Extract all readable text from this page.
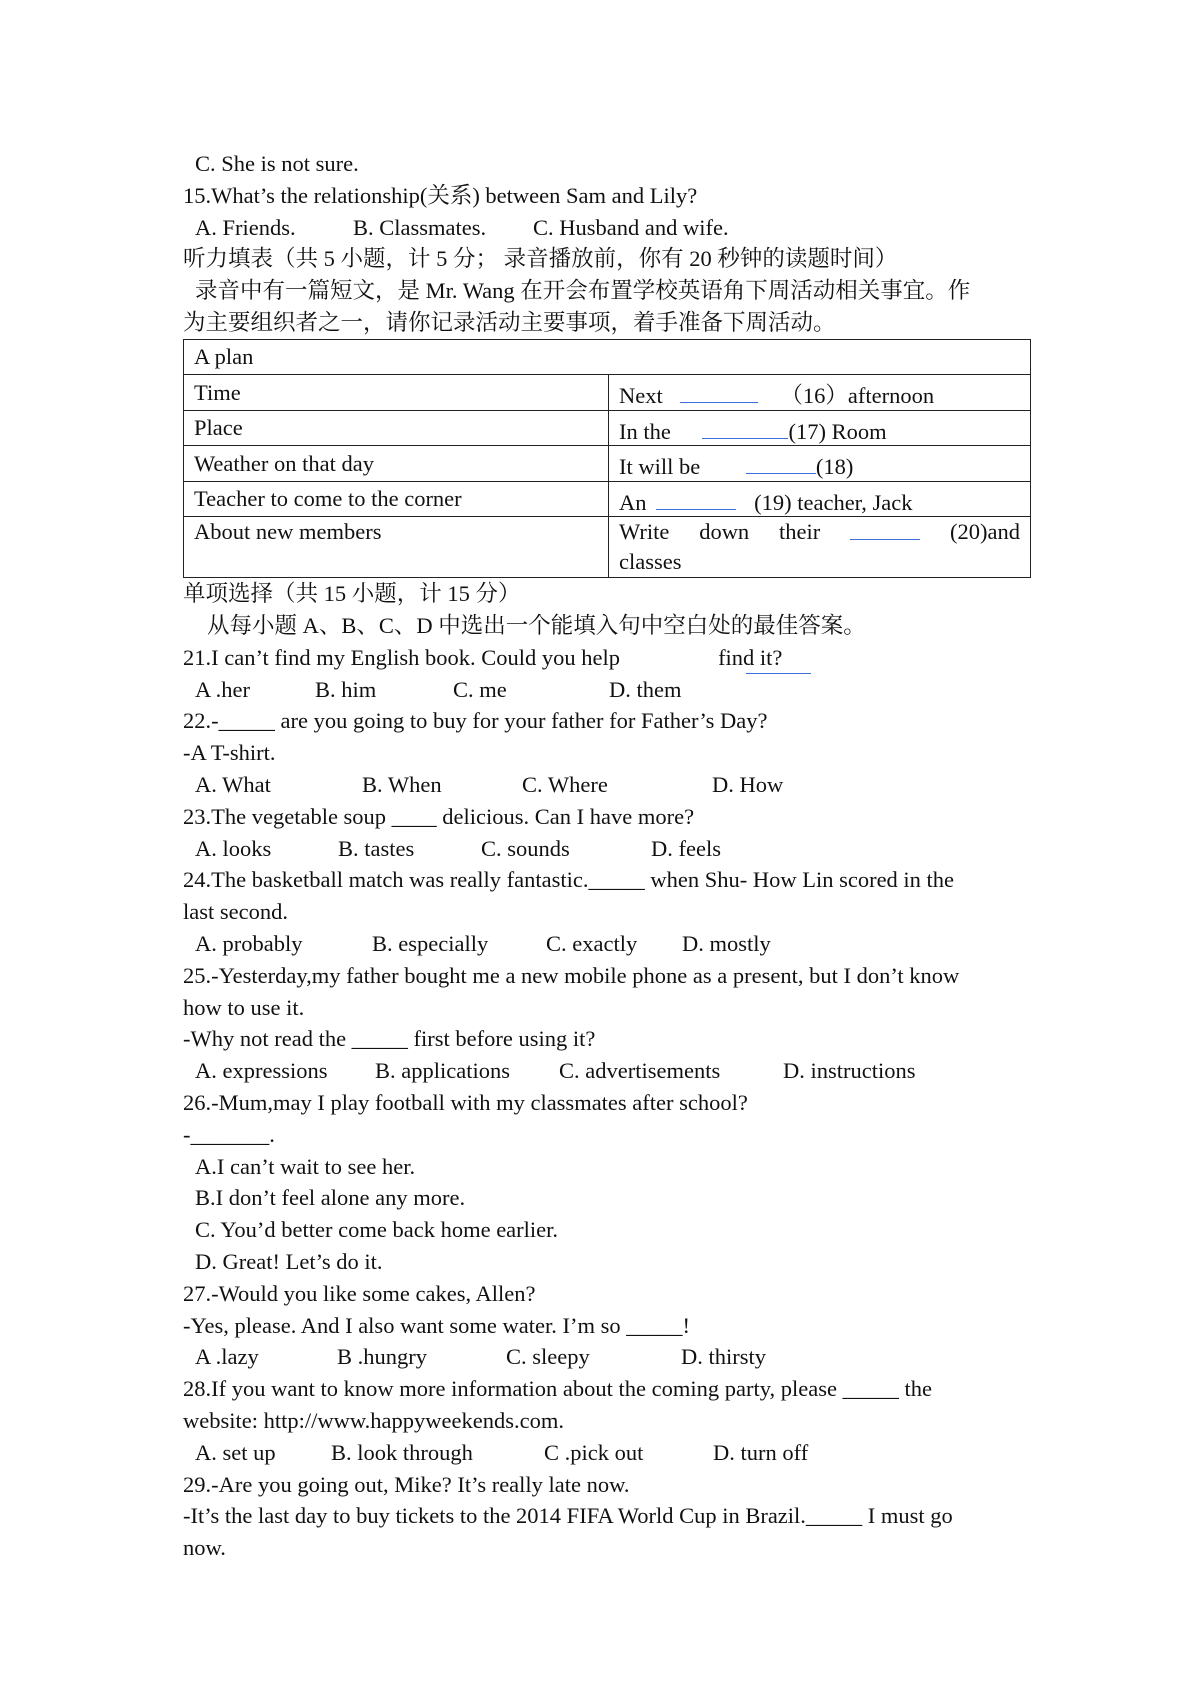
C. She is not sure.
15.What’s the relationship(关系) between Sam and Lily?
A. Friends.	B. Classmates. C. Husband and wife.
听力填表（共 5 小题，计 5 分； 录音播放前，你有 20 秒钟的读题时间）
录音中有一篇短文，是 Mr. Wang 在开会布置学校英语角下周活动相关事宜。作
为主要组织者之一，请你记录活动主要事项，着手准备下周活动。
A plan	
Time	Next （16）afternoon
Place	In the (17) Room
Weather on that day	It will be (18)
Teacher to come to the corner	An (19) teacher, Jack
About new members	Write down their (20)and
classes
单项选择（共 15 小题，计 15 分）
从每小题 A、B、C、D 中选出一个能填入句中空白处的最佳答案。
21.I can’t find my English book. Could you help	find it?
A .her	B. him	C. me	D. them
22.-_____ are you going to buy for your father for Father’s Day?
-A T-shirt.
A. What	B. When	C. Where	D. How
23.The vegetable soup ____ delicious. Can I have more?
A. looks	B. tastes	C. sounds	D. feels
24.The basketball match was really fantastic._____ when Shu- How Lin scored in the
last second.
A. probably	B. especially	C. exactly D. mostly
25.-Yesterday,my father bought me a new mobile phone as a present, but I don’t know
how to use it.
-Why not read the _____ first before using it?
A. expressions B. applications C. advertisements	D. instructions
26.-Mum,may I play football with my classmates after school?
-_______.
A.I can’t wait to see her.
B.I don’t feel alone any more.
C. You’d better come back home earlier.
D. Great! Let’s do it.
27.-Would you like some cakes, Allen?
-Yes, please. And I also want some water. I’m so _____!
A .lazy	B .hungry	C. sleepy	D. thirsty
28.If you want to know more information about the coming party, please _____ the
website: http://www.happyweekends.com.
A. set up B. look through	C .pick out	D. turn off
29.-Are you going out, Mike? It’s really late now.
-It’s the last day to buy tickets to the 2014 FIFA World Cup in Brazil._____ I must go
now.
